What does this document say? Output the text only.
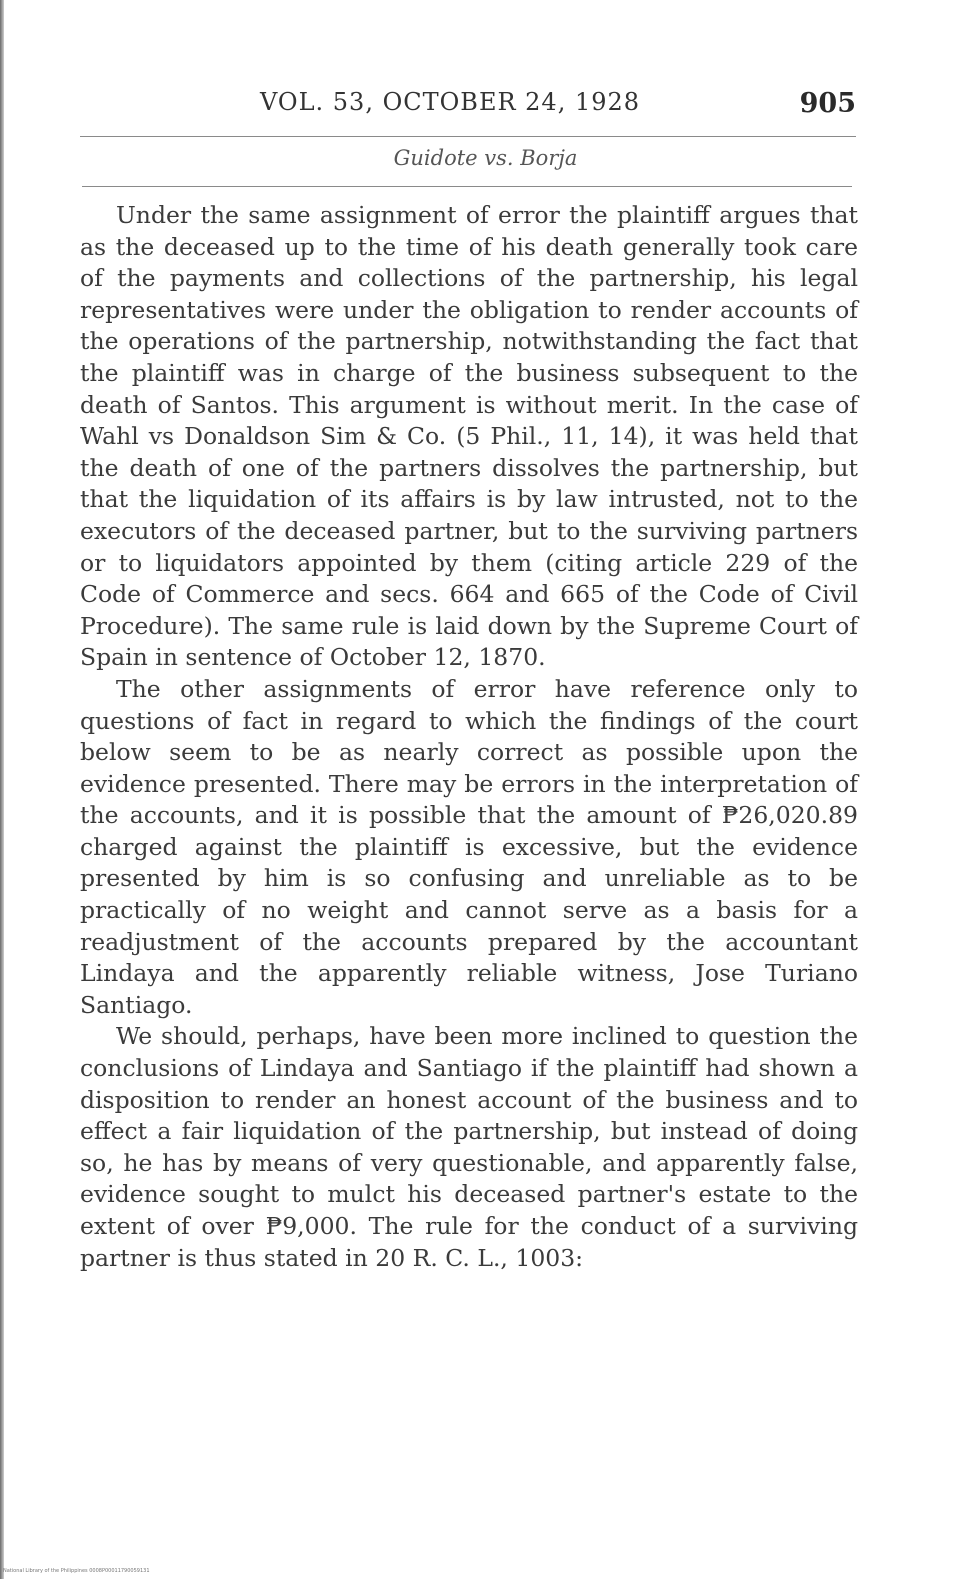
VOL. 53, OCTOBER 24, 1928	905
Guidote vs. Borja

Under the same assignment of error the plaintiff argues that as the deceased up to the time of his death generally took care of the payments and collections of the partnership, his legal representatives were under the obligation to render accounts of the operations of the partnership, notwithstanding the fact that the plaintiff was in charge of the business subsequent to the death of Santos. This argument is without merit. In the case of Wahl vs Donaldson Sim & Co. (5 Phil., 11, 14), it was held that the death of one of the partners dissolves the partnership, but that the liquidation of its affairs is by law intrusted, not to the executors of the deceased partner, but to the surviving partners or to liquidators appointed by them (citing article 229 of the Code of Commerce and secs. 664 and 665 of the Code of Civil Procedure). The same rule is laid down by the Supreme Court of Spain in sentence of October 12, 1870.

The other assignments of error have reference only to questions of fact in regard to which the findings of the court below seem to be as nearly correct as possible upon the evidence presented. There may be errors in the interpretation of the accounts, and it is possible that the amount of ₱26,020.89 charged against the plaintiff is excessive, but the evidence presented by him is so confusing and unreliable as to be practically of no weight and cannot serve as a basis for a readjustment of the accounts prepared by the accountant Lindaya and the apparently reliable witness, Jose Turiano Santiago.

We should, perhaps, have been more inclined to question the conclusions of Lindaya and Santiago if the plaintiff had shown a disposition to render an honest account of the business and to effect a fair liquidation of the partnership, but instead of doing so, he has by means of very questionable, and apparently false, evidence sought to mulct his deceased partner's estate to the extent of over ₱9,000. The rule for the conduct of a surviving partner is thus stated in 20 R. C. L., 1003:

National Library of the Philippines 0008P00011790059131
